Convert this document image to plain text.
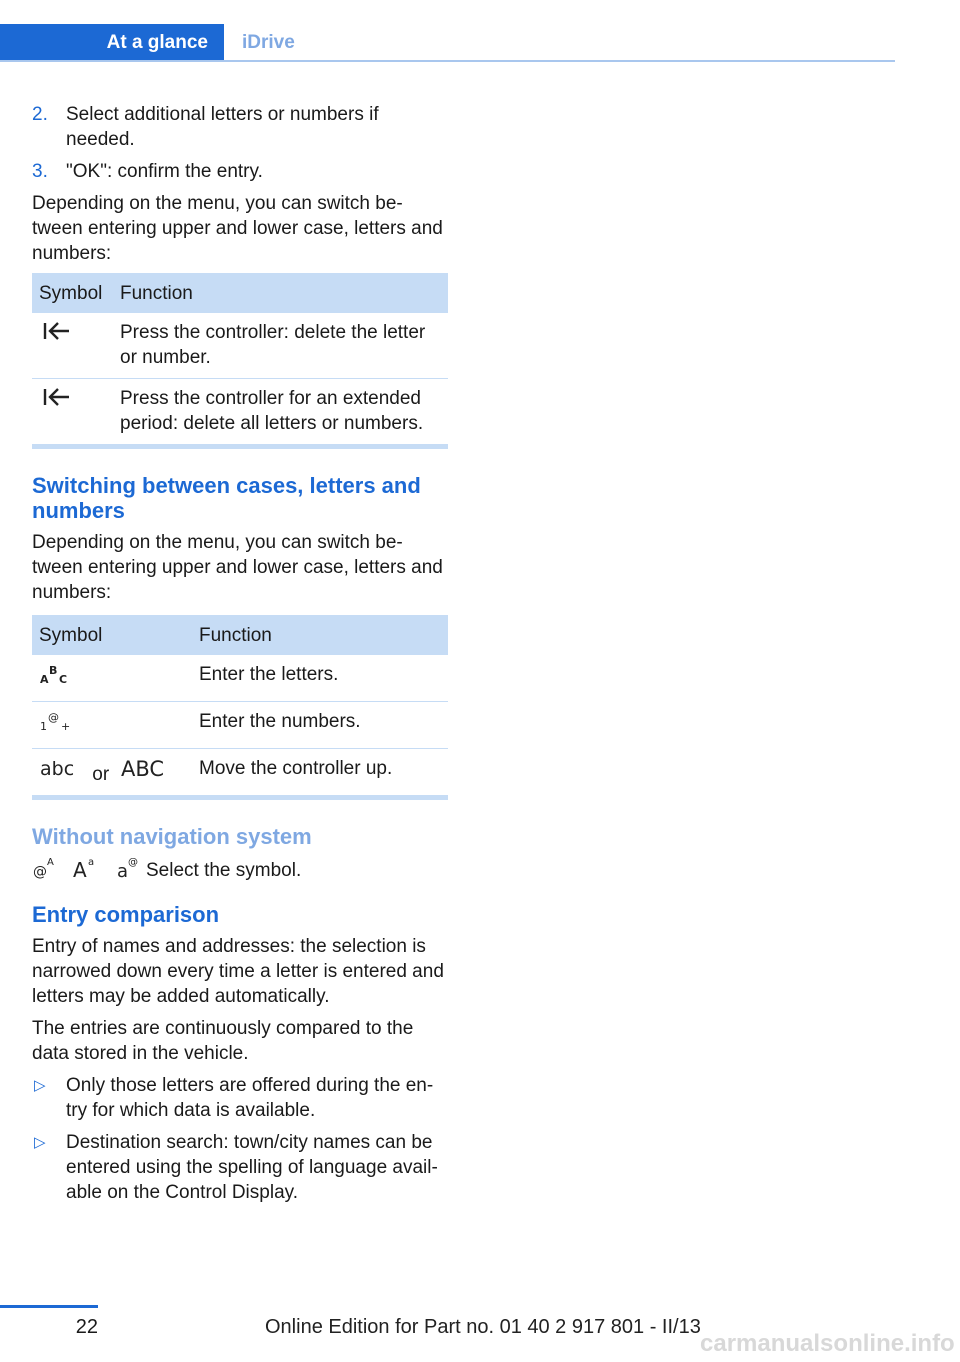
At a glance	iDrive
2. Select additional letters or numbers if needed.
3. "OK": confirm the entry.

Depending on the menu, you can switch be-tween entering upper and lower case, letters and numbers:

Symbol	Function
	Press the controller: delete the letter or number.
	Press the controller for an extended period: delete all letters or numbers.
Switching between cases, letters and numbers

Depending on the menu, you can switch be-tween entering upper and lower case, letters and numbers:

Symbol	Function

A
B
C	Enter the letters.

1
@
+	Enter the numbers.

abc or ABC	Move the controller up.
Without navigation system
@
A A a a @ Select the symbol.
Entry comparison

Entry of names and addresses: the selection is narrowed down every time a letter is entered and letters may be added automatically.

The entries are continuously compared to the data stored in the vehicle.

▷ Only those letters are offered during the en-try for which data is available.
▷ Destination search: town/city names can be entered using the spelling of language avail-able on the Control Display.
22	Online Edition for Part no. 01 40 2 917 801 - II/13
carmanualsonline.info
